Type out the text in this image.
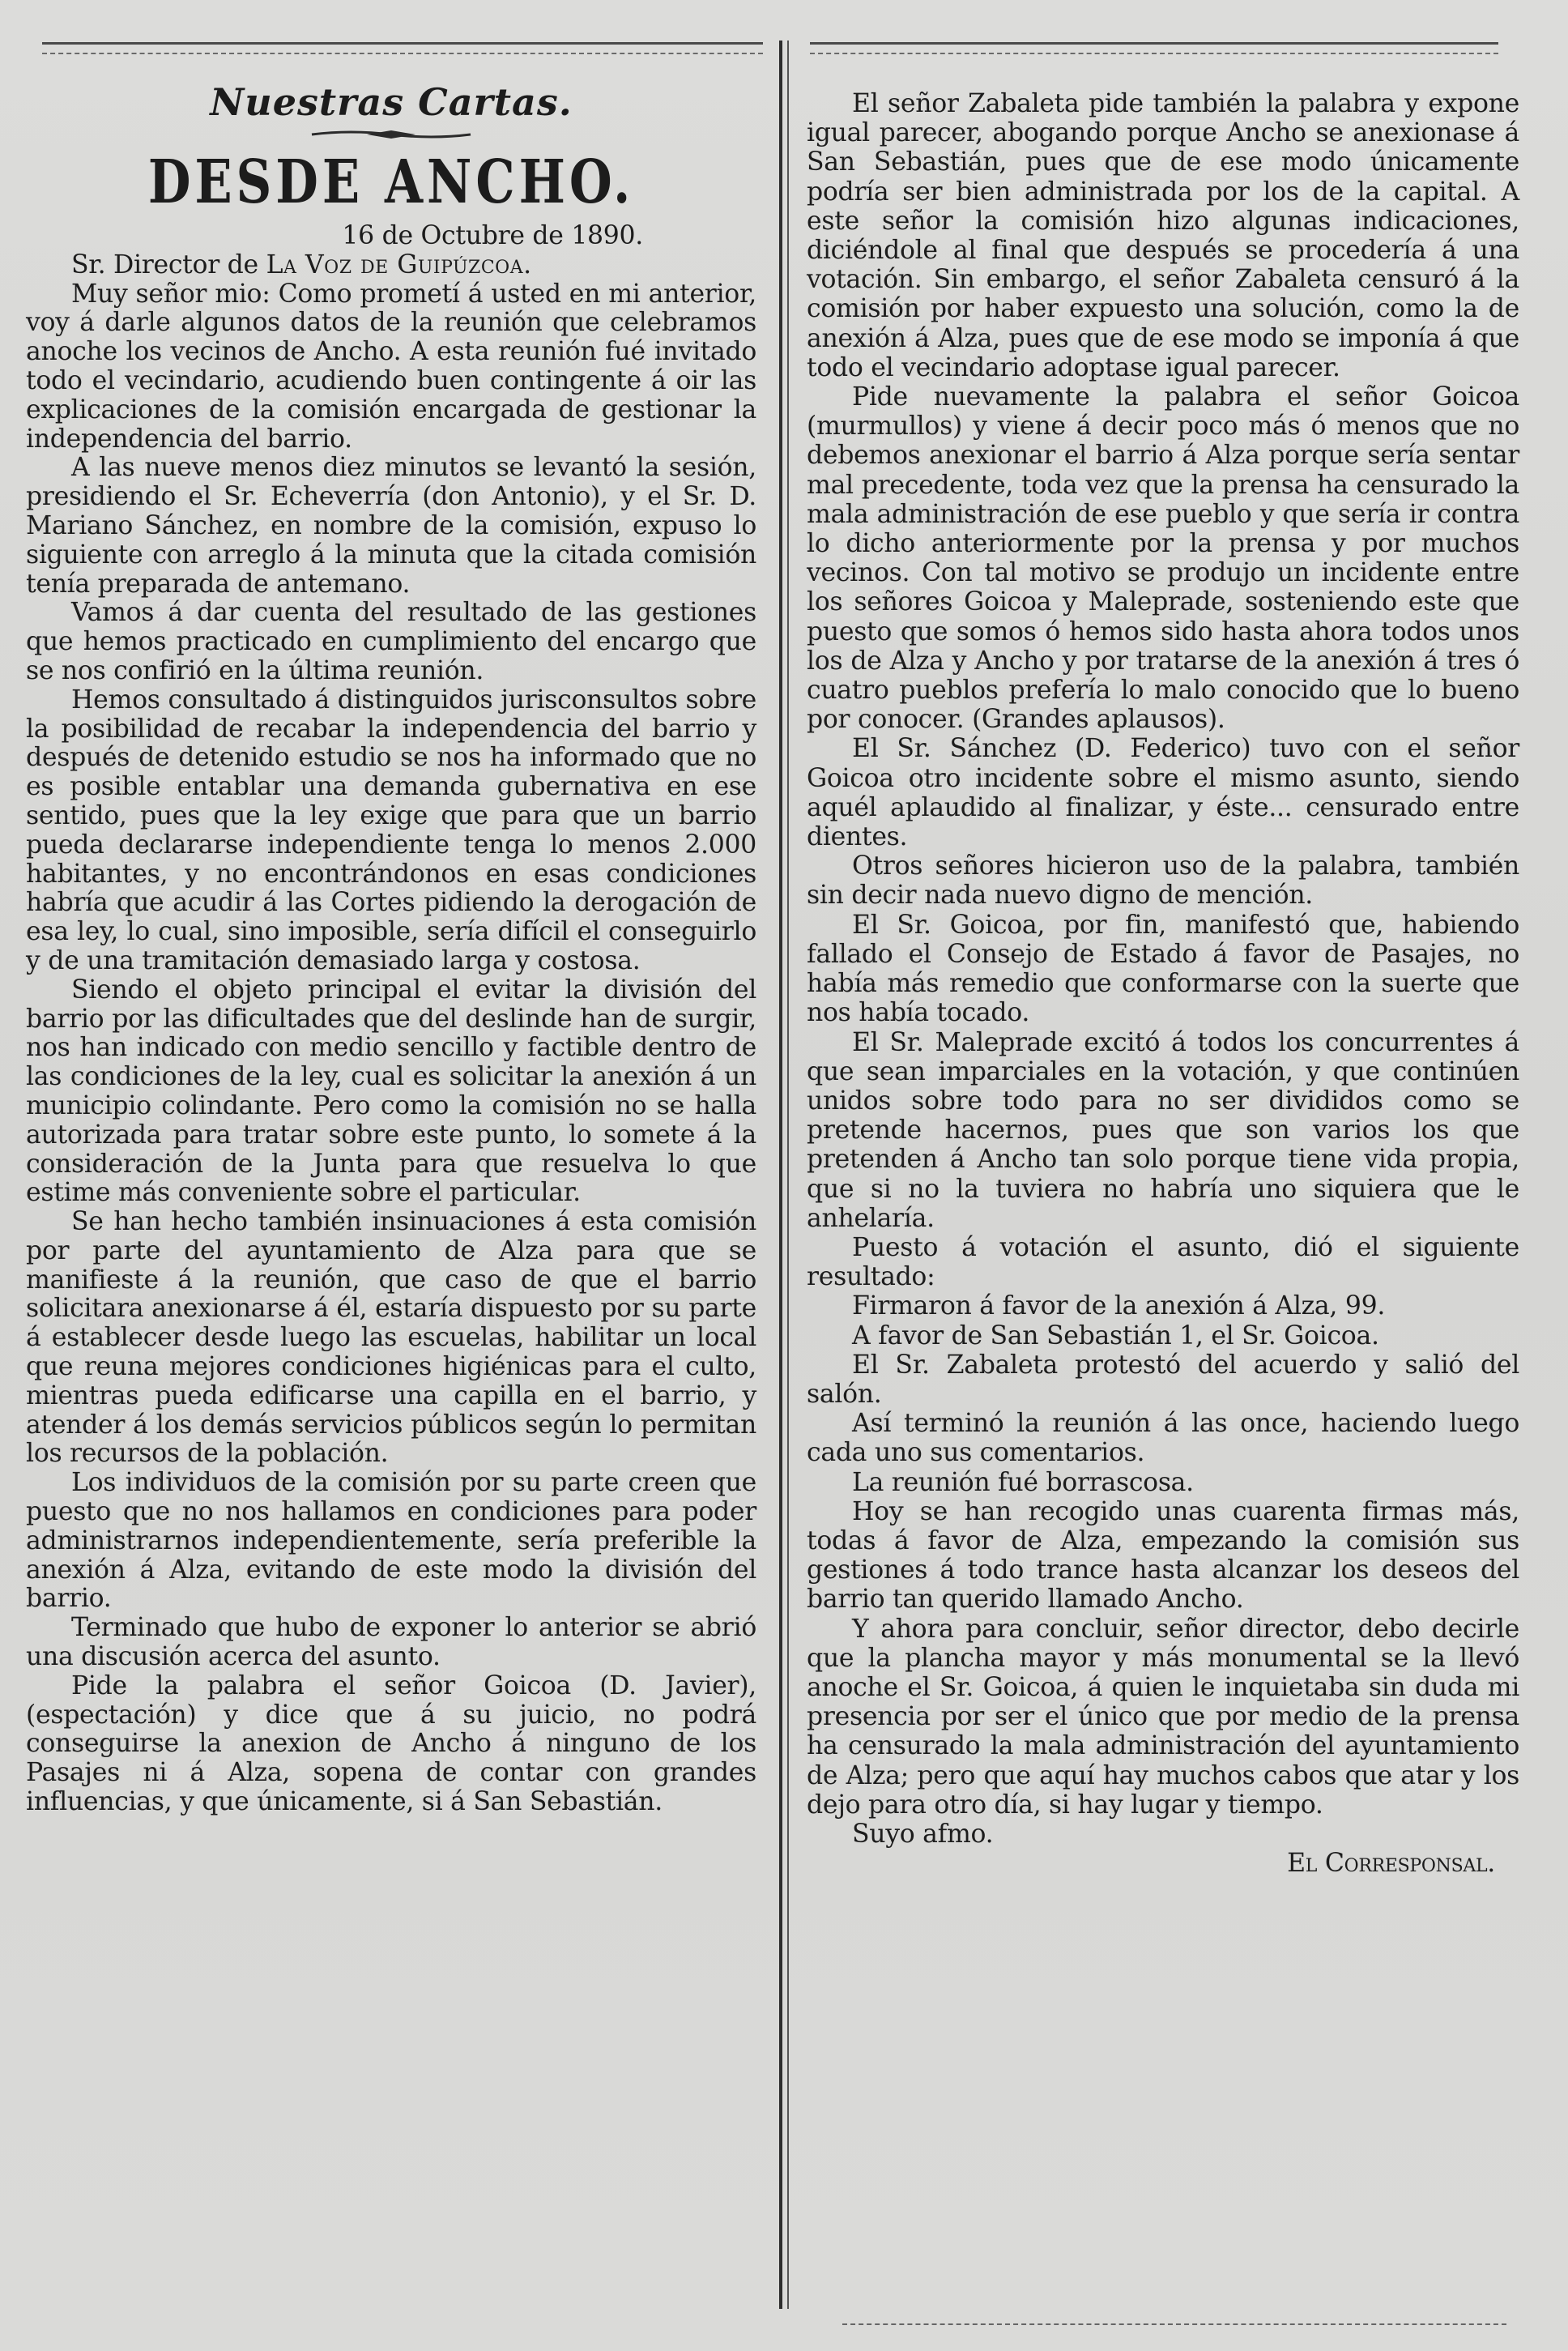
Nuestras Cartas.
DESDE ANCHO.

16 de Octubre de 1890.

Sr. Director de La Voz de Guipúzcoa.

Muy señor mio: Como prometí á usted en mi anterior, voy á darle algunos datos de la reunión que celebramos anoche los vecinos de Ancho. A esta reunión fué invitado todo el vecindario, acudiendo buen contingente á oir las explicaciones de la comisión encargada de gestionar la independencia del barrio.

A las nueve menos diez minutos se levantó la sesión, presidiendo el Sr. Echeverría (don Antonio), y el Sr. D. Mariano Sánchez, en nombre de la comisión, expuso lo siguiente con arreglo á la minuta que la citada comisión tenía preparada de antemano.

Vamos á dar cuenta del resultado de las gestiones que hemos practicado en cumplimiento del encargo que se nos confirió en la última reunión.

Hemos consultado á distinguidos jurisconsultos sobre la posibilidad de recabar la independencia del barrio y después de detenido estudio se nos ha informado que no es posible entablar una demanda gubernativa en ese sentido, pues que la ley exige que para que un barrio pueda declararse independiente tenga lo menos 2.000 habitantes, y no encontrándonos en esas condiciones habría que acudir á las Cortes pidiendo la derogación de esa ley, lo cual, sino imposible, sería difícil el conseguirlo y de una tramitación demasiado larga y costosa.

Siendo el objeto principal el evitar la división del barrio por las dificultades que del deslinde han de surgir, nos han indicado con medio sencillo y factible dentro de las condiciones de la ley, cual es solicitar la anexión á un municipio colindante. Pero como la comisión no se halla autorizada para tratar sobre este punto, lo somete á la consideración de la Junta para que resuelva lo que estime más conveniente sobre el particular.

Se han hecho también insinuaciones á esta comisión por parte del ayuntamiento de Alza para que se manifieste á la reunión, que caso de que el barrio solicitara anexionarse á él, estaría dispuesto por su parte á establecer desde luego las escuelas, habilitar un local que reuna mejores condiciones higiénicas para el culto, mientras pueda edificarse una capilla en el barrio, y atender á los demás servicios públicos según lo permitan los recursos de la población.

Los individuos de la comisión por su parte creen que puesto que no nos hallamos en condiciones para poder administrarnos independientemente, sería preferible la anexión á Alza, evitando de este modo la división del barrio.

Terminado que hubo de exponer lo anterior se abrió una discusión acerca del asunto.

Pide la palabra el señor Goicoa (D. Javier), (espectación) y dice que á su juicio, no podrá conseguirse la anexion de Ancho á ninguno de los Pasajes ni á Alza, sopena de contar con grandes influencias, y que únicamente, si á San Sebastián.

El señor Zabaleta pide también la palabra y expone igual parecer, abogando porque Ancho se anexionase á San Sebastián, pues que de ese modo únicamente podría ser bien administrada por los de la capital. A este señor la comisión hizo algunas indicaciones, diciéndole al final que después se procedería á una votación. Sin embargo, el señor Zabaleta censuró á la comisión por haber expuesto una solución, como la de anexión á Alza, pues que de ese modo se imponía á que todo el vecindario adoptase igual parecer.

Pide nuevamente la palabra el señor Goicoa (murmullos) y viene á decir poco más ó menos que no debemos anexionar el barrio á Alza porque sería sentar mal precedente, toda vez que la prensa ha censurado la mala administración de ese pueblo y que sería ir contra lo dicho anteriormente por la prensa y por muchos vecinos. Con tal motivo se produjo un incidente entre los señores Goicoa y Maleprade, sosteniendo este que puesto que somos ó hemos sido hasta ahora todos unos los de Alza y Ancho y por tratarse de la anexión á tres ó cuatro pueblos prefería lo malo conocido que lo bueno por conocer. (Grandes aplausos).

El Sr. Sánchez (D. Federico) tuvo con el señor Goicoa otro incidente sobre el mismo asunto, siendo aquél aplaudido al finalizar, y éste... censurado entre dientes.

Otros señores hicieron uso de la palabra, también sin decir nada nuevo digno de mención.

El Sr. Goicoa, por fin, manifestó que, habiendo fallado el Consejo de Estado á favor de Pasajes, no había más remedio que conformarse con la suerte que nos había tocado.

El Sr. Maleprade excitó á todos los concurrentes á que sean imparciales en la votación, y que continúen unidos sobre todo para no ser divididos como se pretende hacernos, pues que son varios los que pretenden á Ancho tan solo porque tiene vida propia, que si no la tuviera no habría uno siquiera que le anhelaría.

Puesto á votación el asunto, dió el siguiente resultado:

Firmaron á favor de la anexión á Alza, 99.

A favor de San Sebastián 1, el Sr. Goicoa.

El Sr. Zabaleta protestó del acuerdo y salió del salón.

Así terminó la reunión á las once, haciendo luego cada uno sus comentarios.

La reunión fué borrascosa.

Hoy se han recogido unas cuarenta firmas más, todas á favor de Alza, empezando la comisión sus gestiones á todo trance hasta alcanzar los deseos del barrio tan querido llamado Ancho.

Y ahora para concluir, señor director, debo decirle que la plancha mayor y más monumental se la llevó anoche el Sr. Goicoa, á quien le inquietaba sin duda mi presencia por ser el único que por medio de la prensa ha censurado la mala administración del ayuntamiento de Alza; pero que aquí hay muchos cabos que atar y los dejo para otro día, si hay lugar y tiempo.

Suyo afmo.

El Corresponsal.
